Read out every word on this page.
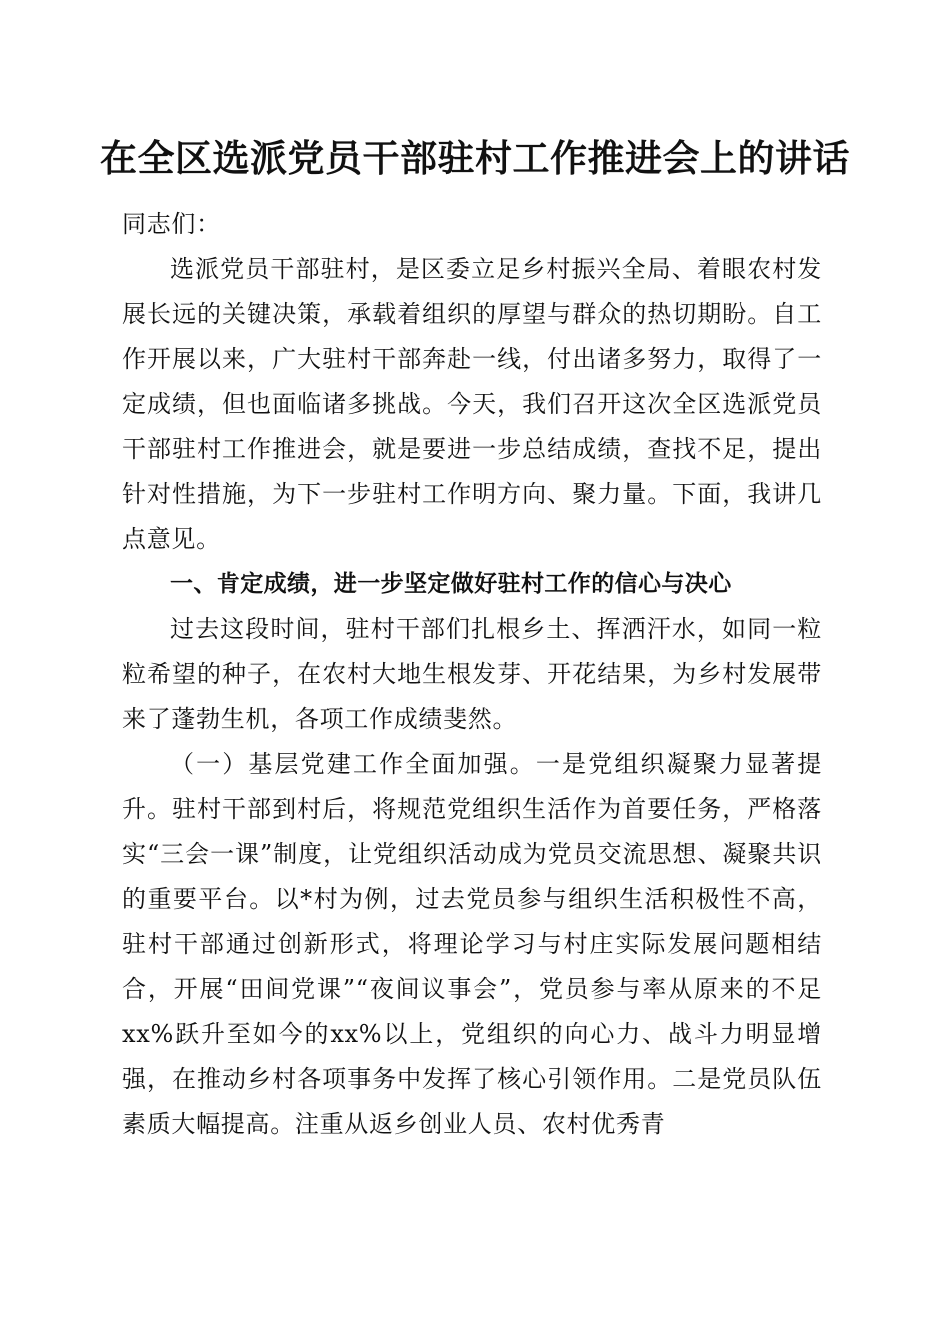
在全区选派党员干部驻村工作推进会上的讲话

同志们：

选派党员干部驻村，是区委立足乡村振兴全局、着眼农村发展长远的关键决策，承载着组织的厚望与群众的热切期盼。自工作开展以来，广大驻村干部奔赴一线，付出诸多努力，取得了一定成绩，但也面临诸多挑战。今天，我们召开这次全区选派党员干部驻村工作推进会，就是要进一步总结成绩，查找不足，提出针对性措施，为下一步驻村工作明方向、聚力量。下面，我讲几点意见。

一、肯定成绩，进一步坚定做好驻村工作的信心与决心

过去这段时间，驻村干部们扎根乡土、挥洒汗水，如同一粒粒希望的种子，在农村大地生根发芽、开花结果，为乡村发展带来了蓬勃生机，各项工作成绩斐然。

（一）基层党建工作全面加强。一是党组织凝聚力显著提升。驻村干部到村后，将规范党组织生活作为首要任务，严格落实“三会一课”制度，让党组织活动成为党员交流思想、凝聚共识的重要平台。以*村为例，过去党员参与组织生活积极性不高，驻村干部通过创新形式，将理论学习与村庄实际发展问题相结合，开展“田间党课”“夜间议事会”，党员参与率从原来的不足xx%跃升至如今的xx%以上，党组织的向心力、战斗力明显增强，在推动乡村各项事务中发挥了核心引领作用。二是党员队伍素质大幅提高。注重从返乡创业人员、农村优秀青
